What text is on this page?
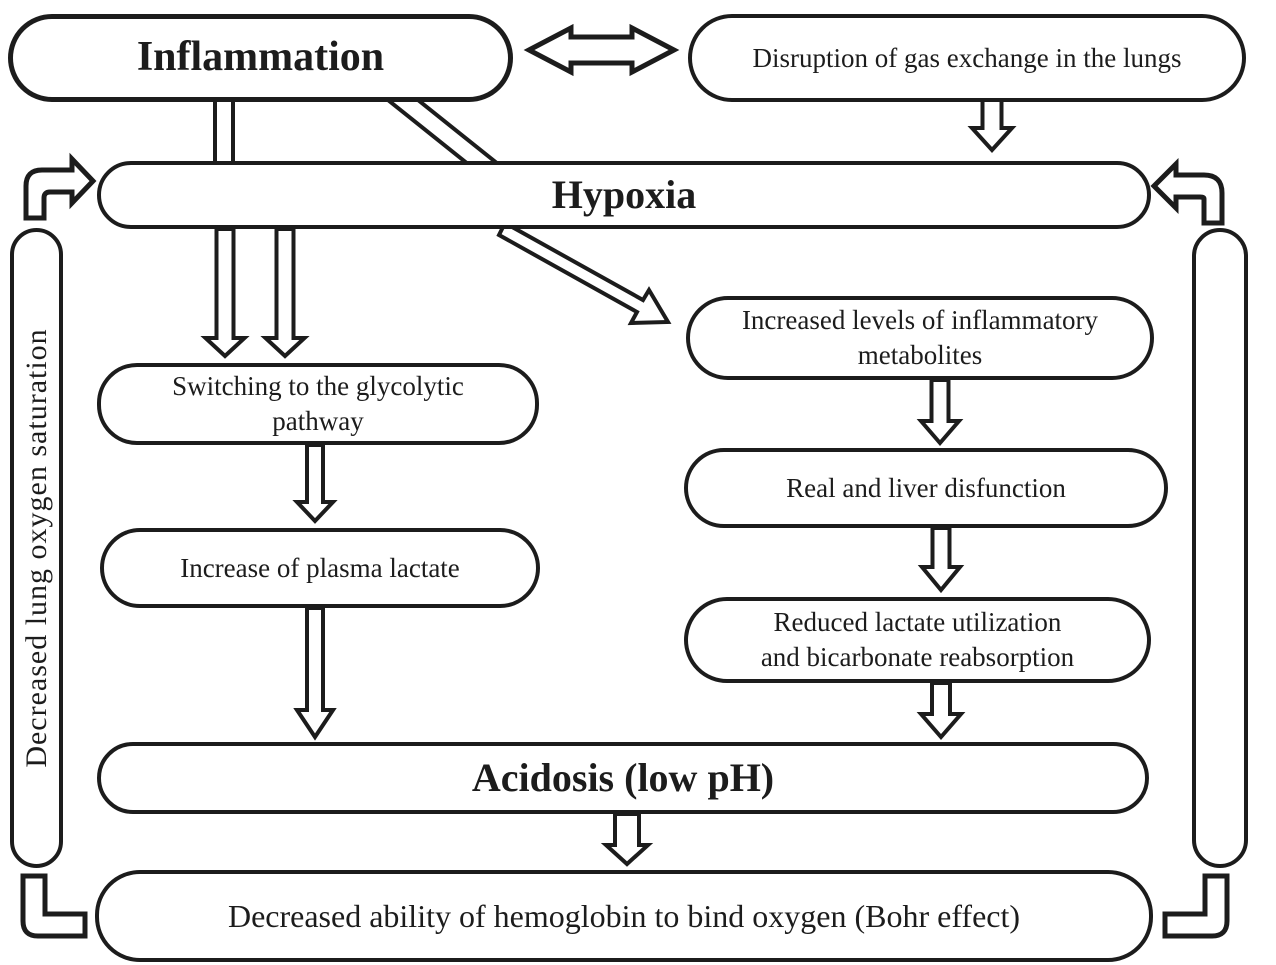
Inflammation	Disruption of gas exchange in the lungs
Hypoxia
Decreased lung oxygen saturation	Switching to the glycolytic
pathway
Increase of plasma lactate
Increased levels of inflammatory
metabolites
Real and liver disfunction
Reduced lactate utilization
and bicarbonate reabsorption
Acidosis (low pH)
Decreased ability of hemoglobin to bind oxygen (Bohr effect)
